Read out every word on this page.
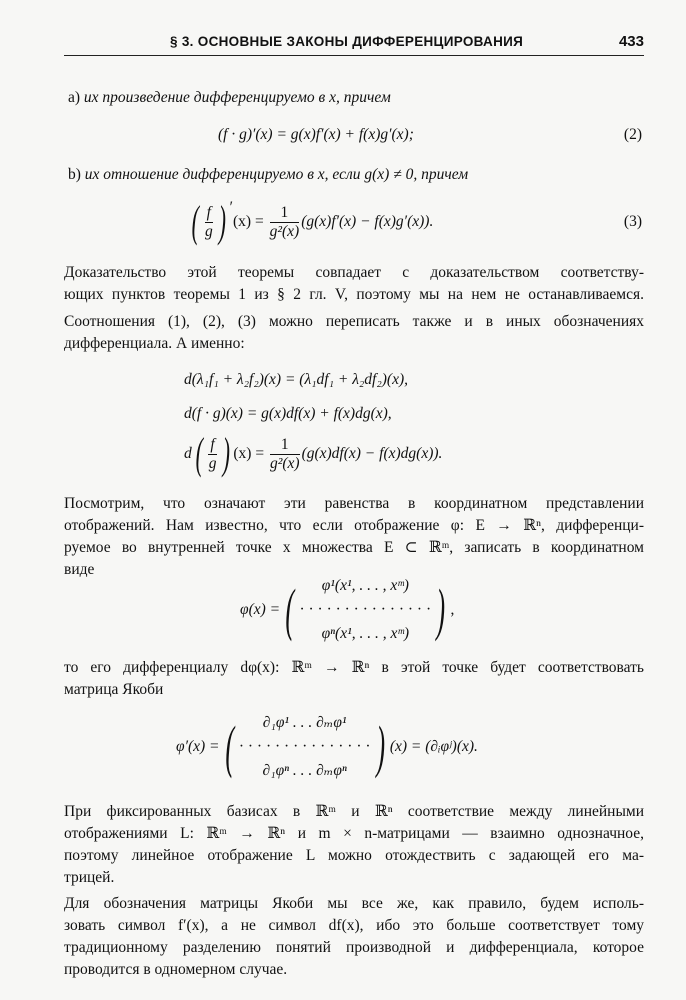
§ 3. ОСНОВНЫЕ ЗАКОНЫ ДИФФЕРЕНЦИРОВАНИЯ	433
a) их произведение дифференцируемо в x, причем
(f · g)′(x) = g(x)f′(x) + f(x)g′(x);	(2)
b) их отношение дифференцируемо в x, если g(x) ≠ 0, причем
( $\frac{f}{g}$ ) ′
$(x) = \frac{1}{\text{g²(x)}} (g(x)f'(x) - f(x)g'(x))$.	(3)
Доказательство этой теоремы совпадает с доказательством соответству-
ющих пунктов теоремы 1 из § 2 гл. V, поэтому мы на нем не останавливаемся.
Соотношения (1), (2), (3) можно переписать также и в иных обозначениях
дифференциала. А именно:
d(λ₁f₁ + λ₂f₂)(x) = (λ₁df₁ + λ₂df₂)(x),
d(f · g)(x) = g(x)df(x) + f(x)dg(x),
d ( $\frac{f}{g}$ ) $(x) = \frac{1}{\text{g²(x)}} (g(x)df(x) - f(x)dg(x))$.
Посмотрим, что означают эти равенства в координатном представлении
отображений. Нам известно, что если отображение φ: E → ℝⁿ, дифференци-
руемое во внутренней точке x множества E ⊂ ℝᵐ, записать в координатном
виде
φ(x) = (	φ¹(x¹, . . . , xᵐ)
· · · · · · · · · · · · · · ·
φⁿ(x¹, . . . , xᵐ) ) ,
то его дифференциалу dφ(x): ℝᵐ → ℝⁿ в этой точке будет соответствовать
матрица Якоби
φ′(x) = (	∂₁φ¹ . . . ∂ₘφ¹
· · · · · · · · · · · · · · ·
∂₁φⁿ . . . ∂ₘφⁿ ) (x) = (∂ᵢφʲ)(x).
При фиксированных базисах в ℝᵐ и ℝⁿ соответствие между линейными
отображениями L: ℝᵐ → ℝⁿ и m × n-матрицами — взаимно однозначное,
поэтому линейное отображение L можно отождествить с задающей его ма-
трицей.
Для обозначения матрицы Якоби мы все же, как правило, будем исполь-
зовать символ f′(x), а не символ df(x), ибо это больше соответствует тому
традиционному разделению понятий производной и дифференциала, которое
проводится в одномерном случае.
